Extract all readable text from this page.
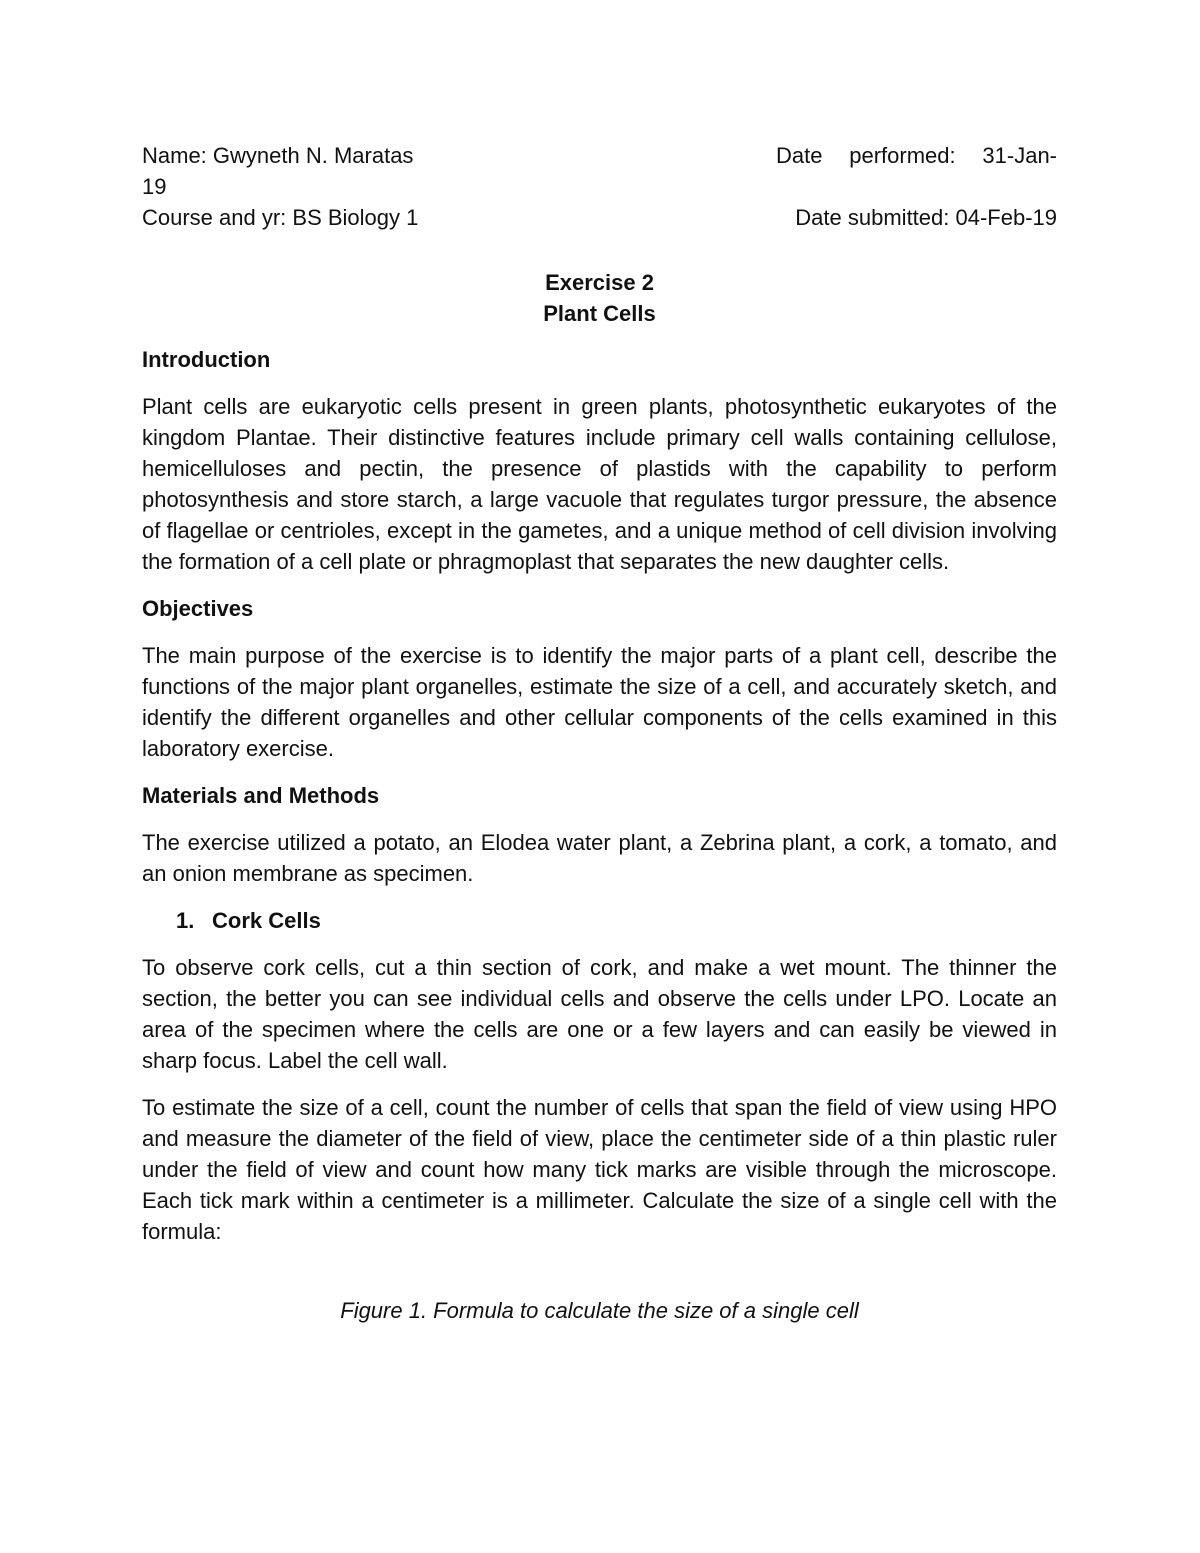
Name: Gwyneth N. Maratas	Date performed: 31-Jan-
19
Course and yr: BS Biology 1	Date submitted: 04-Feb-19
Exercise 2
Plant Cells
Introduction

Plant cells are eukaryotic cells present in green plants, photosynthetic eukaryotes of the kingdom Plantae. Their distinctive features include primary cell walls containing cellulose, hemicelluloses and pectin, the presence of plastids with the capability to perform photosynthesis and store starch, a large vacuole that regulates turgor pressure, the absence of flagellae or centrioles, except in the gametes, and a unique method of cell division involving the formation of a cell plate or phragmoplast that separates the new daughter cells.

Objectives

The main purpose of the exercise is to identify the major parts of a plant cell, describe the functions of the major plant organelles, estimate the size of a cell, and accurately sketch, and identify the different organelles and other cellular components of the cells examined in this laboratory exercise.

Materials and Methods

The exercise utilized a potato, an Elodea water plant, a Zebrina plant, a cork, a tomato, and an onion membrane as specimen.

1. Cork Cells

To observe cork cells, cut a thin section of cork, and make a wet mount. The thinner the section, the better you can see individual cells and observe the cells under LPO. Locate an area of the specimen where the cells are one or a few layers and can easily be viewed in sharp focus. Label the cell wall.

To estimate the size of a cell, count the number of cells that span the field of view using HPO and measure the diameter of the field of view, place the centimeter side of a thin plastic ruler under the field of view and count how many tick marks are visible through the microscope. Each tick mark within a centimeter is a millimeter. Calculate the size of a single cell with the formula:

Figure 1. Formula to calculate the size of a single cell
